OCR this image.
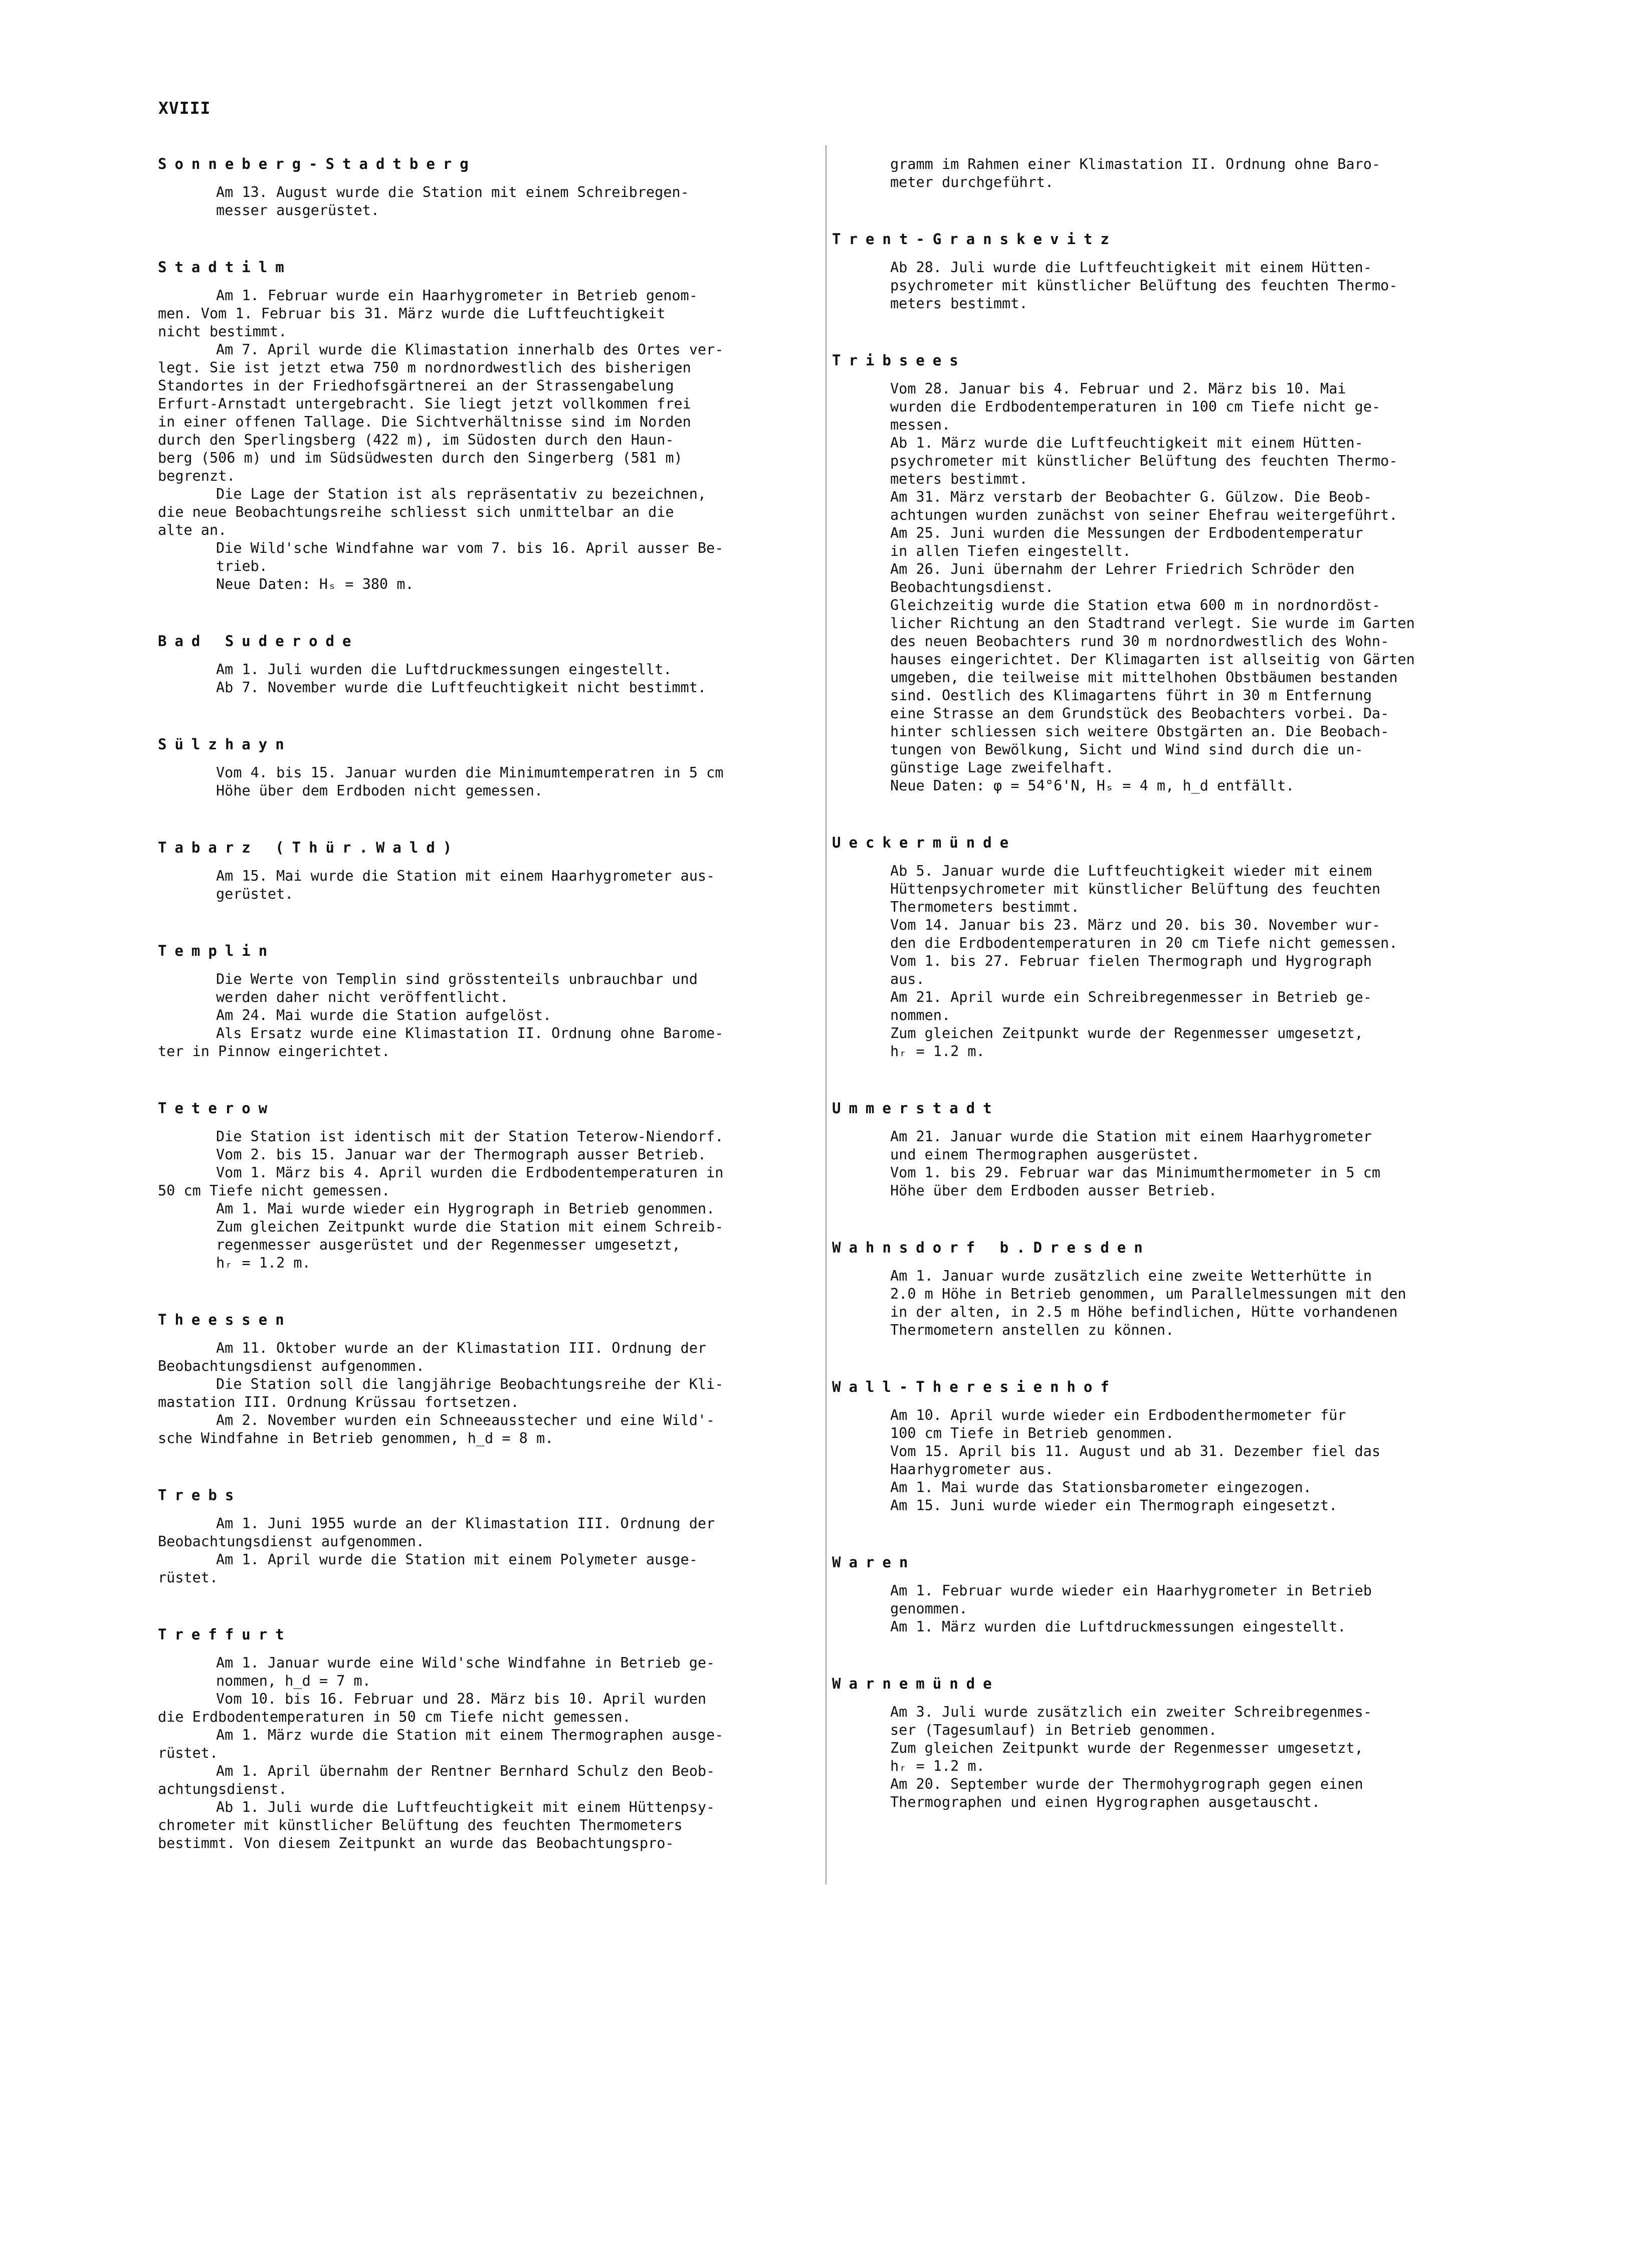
XVIII
Sonneberg-Stadtberg
Am 13. August wurde die Station mit einem Schreibregen-
messer ausgerüstet.
Stadtilm
Am 1. Februar wurde ein Haarhygrometer in Betrieb genom-
men. Vom 1. Februar bis 31. März wurde die Luftfeuchtigkeit
nicht bestimmt.
Am 7. April wurde die Klimastation innerhalb des Ortes ver-
legt. Sie ist jetzt etwa 750 m nordnordwestlich des bisherigen
Standortes in der Friedhofsgärtnerei an der Strassengabelung
Erfurt-Arnstadt untergebracht. Sie liegt jetzt vollkommen frei
in einer offenen Tallage. Die Sichtverhältnisse sind im Norden
durch den Sperlingsberg (422 m), im Südosten durch den Haun-
berg (506 m) und im Südsüdwesten durch den Singerberg (581 m)
begrenzt.
Die Lage der Station ist als repräsentativ zu bezeichnen,
die neue Beobachtungsreihe schliesst sich unmittelbar an die
alte an.
Die Wild'sche Windfahne war vom 7. bis 16. April ausser Be-
trieb.
Neue Daten: Hₛ = 380 m.
Bad Suderode
Am 1. Juli wurden die Luftdruckmessungen eingestellt.
Ab 7. November wurde die Luftfeuchtigkeit nicht bestimmt.
Sülzhayn
Vom 4. bis 15. Januar wurden die Minimumtemperatren in 5 cm
Höhe über dem Erdboden nicht gemessen.
Tabarz (Thür.Wald)
Am 15. Mai wurde die Station mit einem Haarhygrometer aus-
gerüstet.
Templin
Die Werte von Templin sind grösstenteils unbrauchbar und
werden daher nicht veröffentlicht.
Am 24. Mai wurde die Station aufgelöst.
Als Ersatz wurde eine Klimastation II. Ordnung ohne Barome-
ter in Pinnow eingerichtet.
Teterow
Die Station ist identisch mit der Station Teterow-Niendorf.
Vom 2. bis 15. Januar war der Thermograph ausser Betrieb.
Vom 1. März bis 4. April wurden die Erdbodentemperaturen in
50 cm Tiefe nicht gemessen.
Am 1. Mai wurde wieder ein Hygrograph in Betrieb genommen.
Zum gleichen Zeitpunkt wurde die Station mit einem Schreib-
regenmesser ausgerüstet und der Regenmesser umgesetzt,
hᵣ = 1.2 m.
Theessen
Am 11. Oktober wurde an der Klimastation III. Ordnung der
Beobachtungsdienst aufgenommen.
Die Station soll die langjährige Beobachtungsreihe der Kli-
mastation III. Ordnung Krüssau fortsetzen.
Am 2. November wurden ein Schneeausstecher und eine Wild'-
sche Windfahne in Betrieb genommen, h_d = 8 m.
Trebs
Am 1. Juni 1955 wurde an der Klimastation III. Ordnung der
Beobachtungsdienst aufgenommen.
Am 1. April wurde die Station mit einem Polymeter ausge-
rüstet.
Treffurt
Am 1. Januar wurde eine Wild'sche Windfahne in Betrieb ge-
nommen, h_d = 7 m.
Vom 10. bis 16. Februar und 28. März bis 10. April wurden
die Erdbodentemperaturen in 50 cm Tiefe nicht gemessen.
Am 1. März wurde die Station mit einem Thermographen ausge-
rüstet.
Am 1. April übernahm der Rentner Bernhard Schulz den Beob-
achtungsdienst.
Ab 1. Juli wurde die Luftfeuchtigkeit mit einem Hüttenpsy-
chrometer mit künstlicher Belüftung des feuchten Thermometers
bestimmt. Von diesem Zeitpunkt an wurde das Beobachtungspro-
gramm im Rahmen einer Klimastation II. Ordnung ohne Baro-
meter durchgeführt.
Trent-Granskevitz
Ab 28. Juli wurde die Luftfeuchtigkeit mit einem Hütten-
psychrometer mit künstlicher Belüftung des feuchten Thermo-
meters bestimmt.
Tribsees
Vom 28. Januar bis 4. Februar und 2. März bis 10. Mai
wurden die Erdbodentemperaturen in 100 cm Tiefe nicht ge-
messen.
Ab 1. März wurde die Luftfeuchtigkeit mit einem Hütten-
psychrometer mit künstlicher Belüftung des feuchten Thermo-
meters bestimmt.
Am 31. März verstarb der Beobachter G. Gülzow. Die Beob-
achtungen wurden zunächst von seiner Ehefrau weitergeführt.
Am 25. Juni wurden die Messungen der Erdbodentemperatur
in allen Tiefen eingestellt.
Am 26. Juni übernahm der Lehrer Friedrich Schröder den
Beobachtungsdienst.
Gleichzeitig wurde die Station etwa 600 m in nordnordöst-
licher Richtung an den Stadtrand verlegt. Sie wurde im Garten
des neuen Beobachters rund 30 m nordnordwestlich des Wohn-
hauses eingerichtet. Der Klimagarten ist allseitig von Gärten
umgeben, die teilweise mit mittelhohen Obstbäumen bestanden
sind. Oestlich des Klimagartens führt in 30 m Entfernung
eine Strasse an dem Grundstück des Beobachters vorbei. Da-
hinter schliessen sich weitere Obstgärten an. Die Beobach-
tungen von Bewölkung, Sicht und Wind sind durch die un-
günstige Lage zweifelhaft.
Neue Daten: φ = 54°6'N, Hₛ = 4 m, h_d entfällt.
Ueckermünde
Ab 5. Januar wurde die Luftfeuchtigkeit wieder mit einem
Hüttenpsychrometer mit künstlicher Belüftung des feuchten
Thermometers bestimmt.
Vom 14. Januar bis 23. März und 20. bis 30. November wur-
den die Erdbodentemperaturen in 20 cm Tiefe nicht gemessen.
Vom 1. bis 27. Februar fielen Thermograph und Hygrograph
aus.
Am 21. April wurde ein Schreibregenmesser in Betrieb ge-
nommen.
Zum gleichen Zeitpunkt wurde der Regenmesser umgesetzt,
hᵣ = 1.2 m.
Ummerstadt
Am 21. Januar wurde die Station mit einem Haarhygrometer
und einem Thermographen ausgerüstet.
Vom 1. bis 29. Februar war das Minimumthermometer in 5 cm
Höhe über dem Erdboden ausser Betrieb.
Wahnsdorf b.Dresden
Am 1. Januar wurde zusätzlich eine zweite Wetterhütte in
2.0 m Höhe in Betrieb genommen, um Parallelmessungen mit den
in der alten, in 2.5 m Höhe befindlichen, Hütte vorhandenen
Thermometern anstellen zu können.
Wall-Theresienhof
Am 10. April wurde wieder ein Erdbodenthermometer für
100 cm Tiefe in Betrieb genommen.
Vom 15. April bis 11. August und ab 31. Dezember fiel das
Haarhygrometer aus.
Am 1. Mai wurde das Stationsbarometer eingezogen.
Am 15. Juni wurde wieder ein Thermograph eingesetzt.
Waren
Am 1. Februar wurde wieder ein Haarhygrometer in Betrieb
genommen.
Am 1. März wurden die Luftdruckmessungen eingestellt.
Warnemünde
Am 3. Juli wurde zusätzlich ein zweiter Schreibregenmes-
ser (Tagesumlauf) in Betrieb genommen.
Zum gleichen Zeitpunkt wurde der Regenmesser umgesetzt,
hᵣ = 1.2 m.
Am 20. September wurde der Thermohygrograph gegen einen
Thermographen und einen Hygrographen ausgetauscht.
